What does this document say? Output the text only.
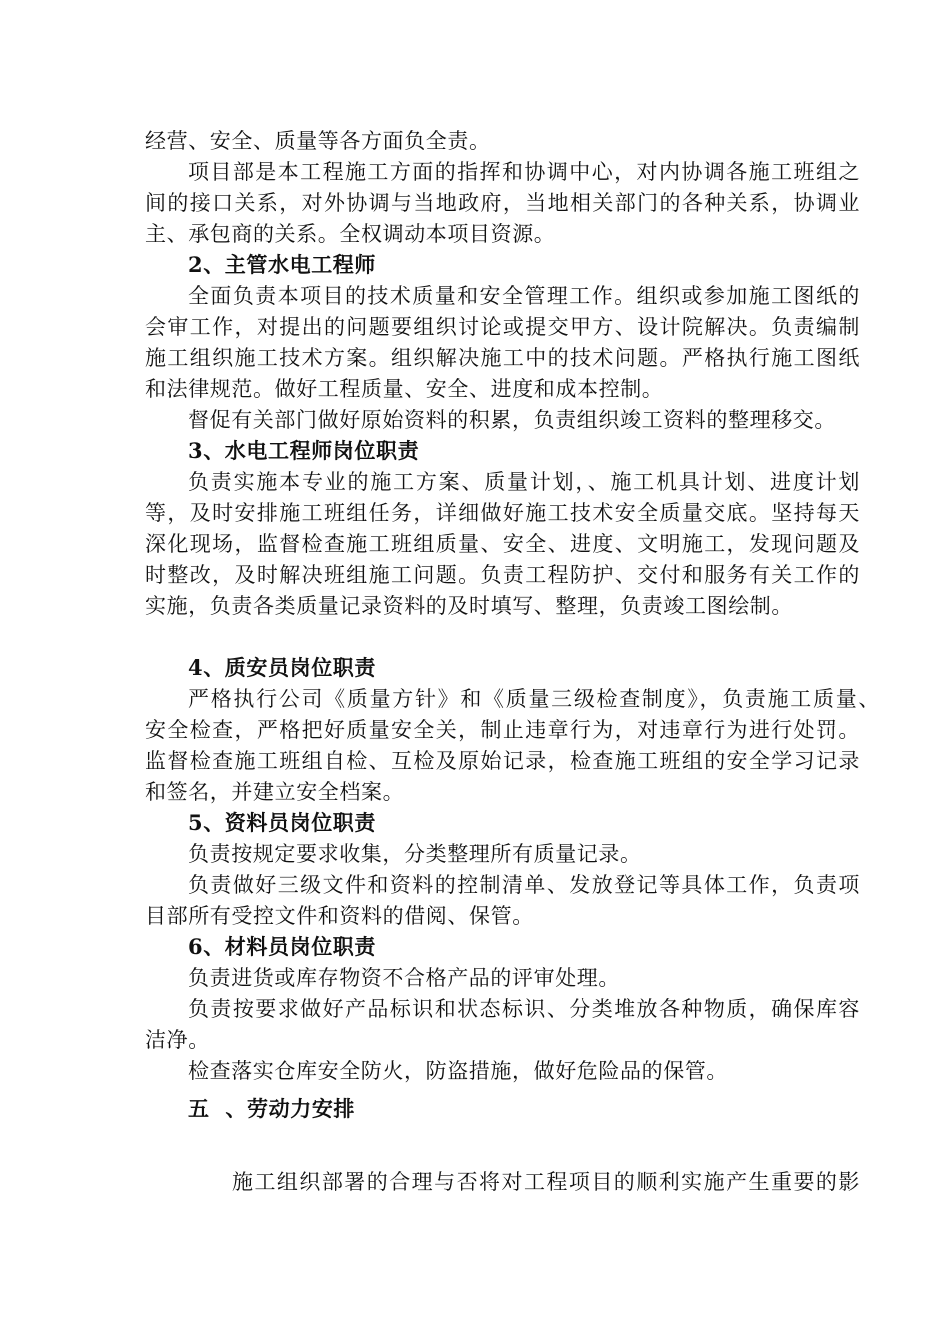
经营、安全、质量等各方面负全责。
项目部是本工程施工方面的指挥和协调中心，对内协调各施工班组之
间的接口关系，对外协调与当地政府，当地相关部门的各种关系，协调业
主、承包商的关系。全权调动本项目资源。
2、主管水电工程师
全面负责本项目的技术质量和安全管理工作。组织或参加施工图纸的
会审工作，对提出的问题要组织讨论或提交甲方、设计院解决。负责编制
施工组织施工技术方案。组织解决施工中的技术问题。严格执行施工图纸
和法律规范。做好工程质量、安全、进度和成本控制。
督促有关部门做好原始资料的积累，负责组织竣工资料的整理移交。
3、水电工程师岗位职责
负责实施本专业的施工方案、质量计划，、施工机具计划、进度计划
等，及时安排施工班组任务，详细做好施工技术安全质量交底。坚持每天
深化现场，监督检查施工班组质量、安全、进度、文明施工，发现问题及
时整改，及时解决班组施工问题。负责工程防护、交付和服务有关工作的
实施，负责各类质量记录资料的及时填写、整理，负责竣工图绘制。
4、质安员岗位职责
严格执行公司《质量方针》和《质量三级检查制度》，负责施工质量、
安全检查，严格把好质量安全关，制止违章行为，对违章行为进行处罚。
监督检查施工班组自检、互检及原始记录，检查施工班组的安全学习记录
和签名，并建立安全档案。
5、资料员岗位职责
负责按规定要求收集，分类整理所有质量记录。
负责做好三级文件和资料的控制清单、发放登记等具体工作，负责项
目部所有受控文件和资料的借阅、保管。
6、材料员岗位职责
负责进货或库存物资不合格产品的评审处理。
负责按要求做好产品标识和状态标识、分类堆放各种物质，确保库容
洁净。
检查落实仓库安全防火，防盗措施，做好危险品的保管。
五  、劳动力安排
施工组织部署的合理与否将对工程项目的顺利实施产生重要的影
